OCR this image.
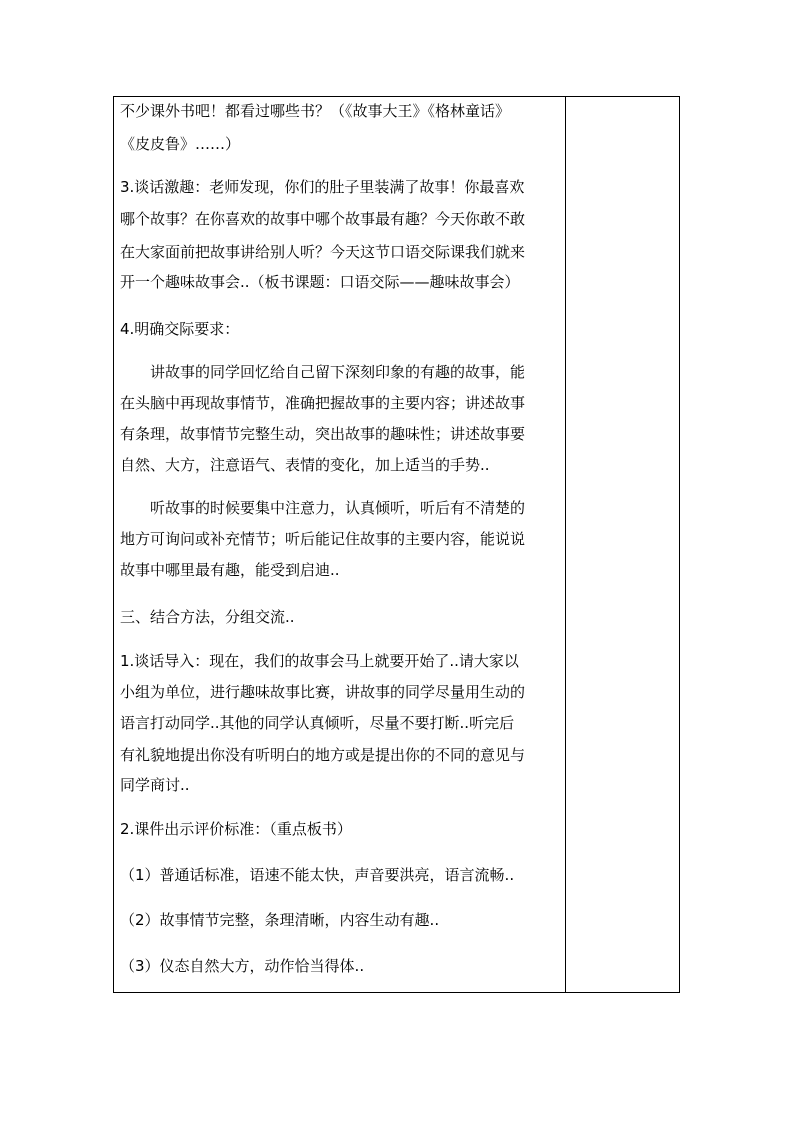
不少课外书吧！都看过哪些书？（《故事大王》《格林童话》
《皮皮鲁》……）
3.谈话激趣：老师发现，你们的肚子里装满了故事！你最喜欢
哪个故事？在你喜欢的故事中哪个故事最有趣？今天你敢不敢
在大家面前把故事讲给别人听？今天这节口语交际课我们就来
开一个趣味故事会..（板书课题：口语交际——趣味故事会）
4.明确交际要求：
讲故事的同学回忆给自己留下深刻印象的有趣的故事，能
在头脑中再现故事情节，准确把握故事的主要内容；讲述故事
有条理，故事情节完整生动，突出故事的趣味性；讲述故事要
自然、大方，注意语气、表情的变化，加上适当的手势..
听故事的时候要集中注意力，认真倾听，听后有不清楚的
地方可询问或补充情节；听后能记住故事的主要内容，能说说
故事中哪里最有趣，能受到启迪..
三、结合方法，分组交流..
1.谈话导入：现在，我们的故事会马上就要开始了..请大家以
小组为单位，进行趣味故事比赛，讲故事的同学尽量用生动的
语言打动同学..其他的同学认真倾听，尽量不要打断..听完后
有礼貌地提出你没有听明白的地方或是提出你的不同的意见与
同学商讨..
2.课件出示评价标准：（重点板书）
（1）普通话标准，语速不能太快，声音要洪亮，语言流畅..
（2）故事情节完整，条理清晰，内容生动有趣..
（3）仪态自然大方，动作恰当得体..
